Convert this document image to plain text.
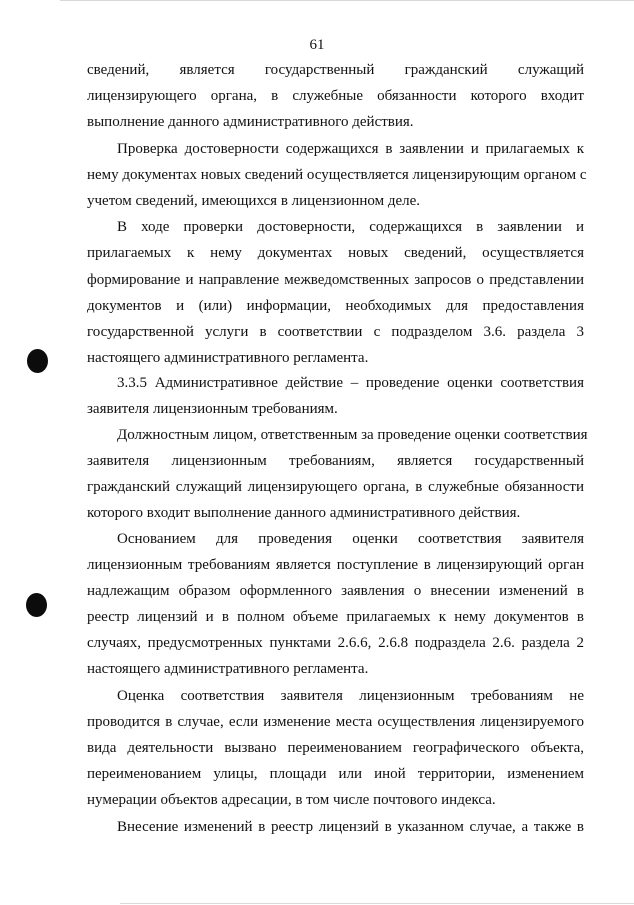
61
сведений, является государственный гражданский служащий
лицензирующего органа, в служебные обязанности которого входит
выполнение данного административного действия.
Проверка достоверности содержащихся в заявлении и прилагаемых к
нему документах новых сведений осуществляется лицензирующим органом с
учетом сведений, имеющихся в лицензионном деле.
В ходе проверки достоверности, содержащихся в заявлении и
прилагаемых к нему документах новых сведений, осуществляется
формирование и направление межведомственных запросов о представлении
документов и (или) информации, необходимых для предоставления
государственной услуги в соответствии с подразделом 3.6. раздела 3
настоящего административного регламента.
3.3.5 Административное действие – проведение оценки соответствия
заявителя лицензионным требованиям.
Должностным лицом, ответственным за проведение оценки соответствия
заявителя лицензионным требованиям, является государственный
гражданский служащий лицензирующего органа, в служебные обязанности
которого входит выполнение данного административного действия.
Основанием для проведения оценки соответствия заявителя
лицензионным требованиям является поступление в лицензирующий орган
надлежащим образом оформленного заявления о внесении изменений в
реестр лицензий и в полном объеме прилагаемых к нему документов в
случаях, предусмотренных пунктами 2.6.6, 2.6.8 подраздела 2.6. раздела 2
настоящего административного регламента.
Оценка соответствия заявителя лицензионным требованиям не
проводится в случае, если изменение места осуществления лицензируемого
вида деятельности вызвано переименованием географического объекта,
переименованием улицы, площади или иной территории, изменением
нумерации объектов адресации, в том числе почтового индекса.
Внесение изменений в реестр лицензий в указанном случае, а также в
